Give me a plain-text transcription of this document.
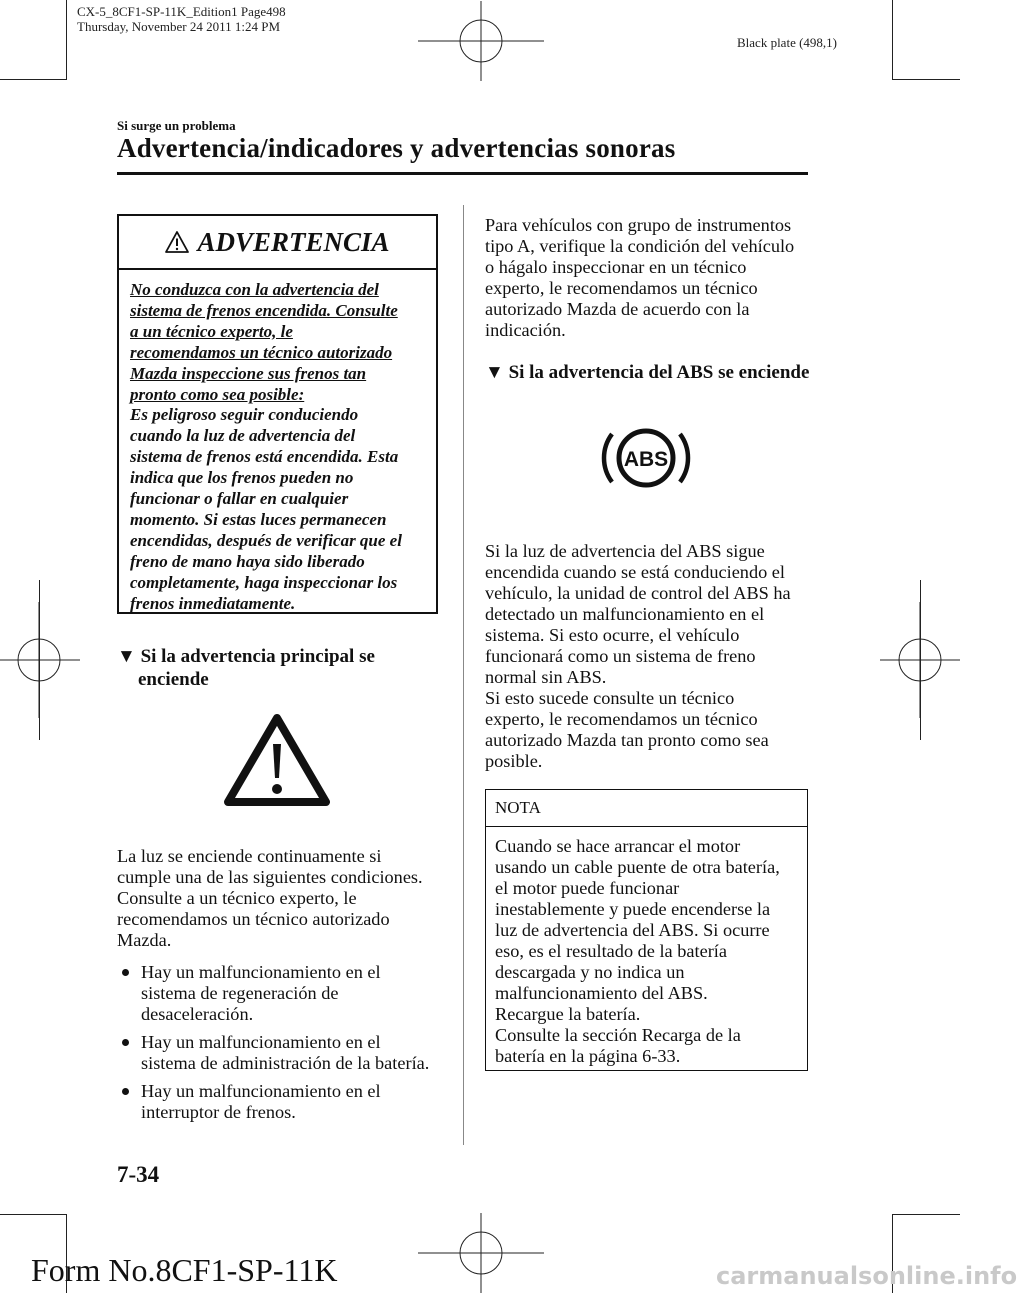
CX-5_8CF1-SP-11K_Edition1 Page498
Thursday, November 24 2011 1:24 PM
Black plate (498,1)
Si surge un problema
Advertencia/indicadores y advertencias sonoras
ADVERTENCIA
No conduzca con la advertencia del
sistema de frenos encendida. Consulte
a un técnico experto, le
recomendamos un técnico autorizado
Mazda inspeccione sus frenos tan
pronto como sea posible:
Es peligroso seguir conduciendo
cuando la luz de advertencia del
sistema de frenos está encendida. Esta
indica que los frenos pueden no
funcionar o fallar en cualquier
momento. Si estas luces permanecen
encendidas, después de verificar que el
freno de mano haya sido liberado
completamente, haga inspeccionar los
frenos inmediatamente.
▼ Si la advertencia principal se
enciende
La luz se enciende continuamente si
cumple una de las siguientes condiciones.
Consulte a un técnico experto, le
recomendamos un técnico autorizado
Mazda.
Hay un malfuncionamiento en el
sistema de regeneración de
desaceleración.
Hay un malfuncionamiento en el
sistema de administración de la batería.
Hay un malfuncionamiento en el
interruptor de frenos.
Para vehículos con grupo de instrumentos
tipo A, verifique la condición del vehículo
o hágalo inspeccionar en un técnico
experto, le recomendamos un técnico
autorizado Mazda de acuerdo con la
indicación.
▼ Si la advertencia del ABS se enciende
ABS
Si la luz de advertencia del ABS sigue
encendida cuando se está conduciendo el
vehículo, la unidad de control del ABS ha
detectado un malfuncionamiento en el
sistema. Si esto ocurre, el vehículo
funcionará como un sistema de freno
normal sin ABS.
Si esto sucede consulte un técnico
experto, le recomendamos un técnico
autorizado Mazda tan pronto como sea
posible.
NOTA
Cuando se hace arrancar el motor
usando un cable puente de otra batería,
el motor puede funcionar
inestablemente y puede encenderse la
luz de advertencia del ABS. Si ocurre
eso, es el resultado de la batería
descargada y no indica un
malfuncionamiento del ABS.
Recargue la batería.
Consulte la sección Recarga de la
batería en la página 6-33.
7-34
Form No.8CF1-SP-11K	carmanualsonline.info
